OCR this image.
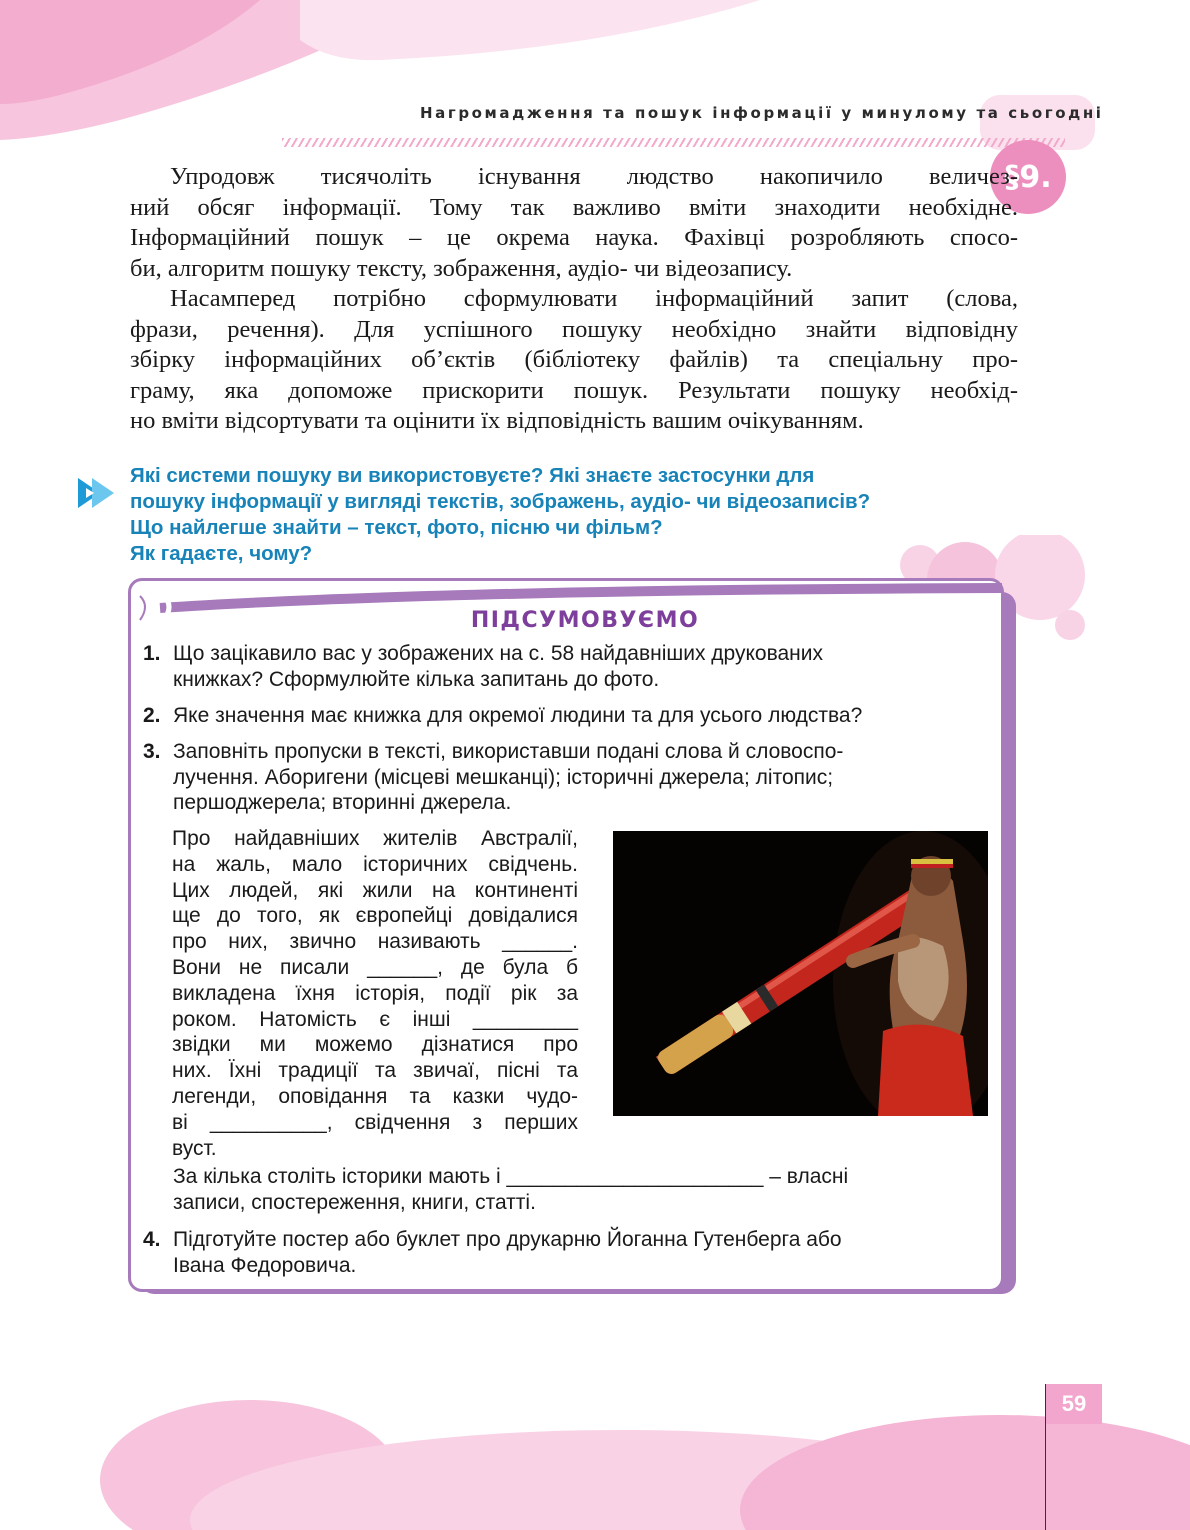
Нагромадження та пошук інформації у минулому та сьогодні
§9.

Упродовж тисячоліть існування людство накопичило величез-
ний обсяг інформації. Тому так важливо вміти знаходити необхідне.
Інформаційний пошук – це окрема наука. Фахівці розробляють спосо-
би, алгоритм пошуку тексту, зображення, аудіо- чи відеозапису.

Насамперед потрібно сформулювати інформаційний запит (слова,
фрази, речення). Для успішного пошуку необхідно знайти відповідну
збірку інформаційних об’єктів (бібліотеку файлів) та спеціальну про-
граму, яка допоможе прискорити пошук. Результати пошуку необхід-
но вміти відсортувати та оцінити їх відповідність вашим очікуванням.

Які системи пошуку ви використовуєте? Які знаєте застосунки для
пошуку інформації у вигляді текстів, зображень, аудіо- чи відеозаписів?
Що найлегше знайти – текст, фото, пісню чи фільм?
Як гадаєте, чому?
ПІДСУМОВУЄМО
1. Що зацікавило вас у зображених на с. 58 найдавніших друкованих
книжках? Сформулюйте кілька запитань до фото.
2. Яке значення має книжка для окремої людини та для усього людства?
3. Заповніть пропуски в тексті, використавши подані слова й словоспо-
лучення. Аборигени (місцеві мешканці); історичні джерела; літопис;
першоджерела; вторинні джерела.
Про найдавніших жителів Австралії,
на жаль, мало історичних свідчень.
Цих людей, які жили на континенті
ще до того, як європейці довідалися
про них, звично називають ______.
Вони не писали ______, де була б
викладена їхня історія, події рік за
роком. Натомість є інші _________
звідки ми можемо дізнатися про
них. Їхні традиції та звичаї, пісні та
легенди, оповідання та казки чудо-
ві __________, свідчення з перших
вуст.
За кілька століть історики мають і ______________________ – власні
записи, спостереження, книги, статті.
4. Підготуйте постер або буклет про друкарню Йоганна Гутенберга або
Івана Федоровича.
59
